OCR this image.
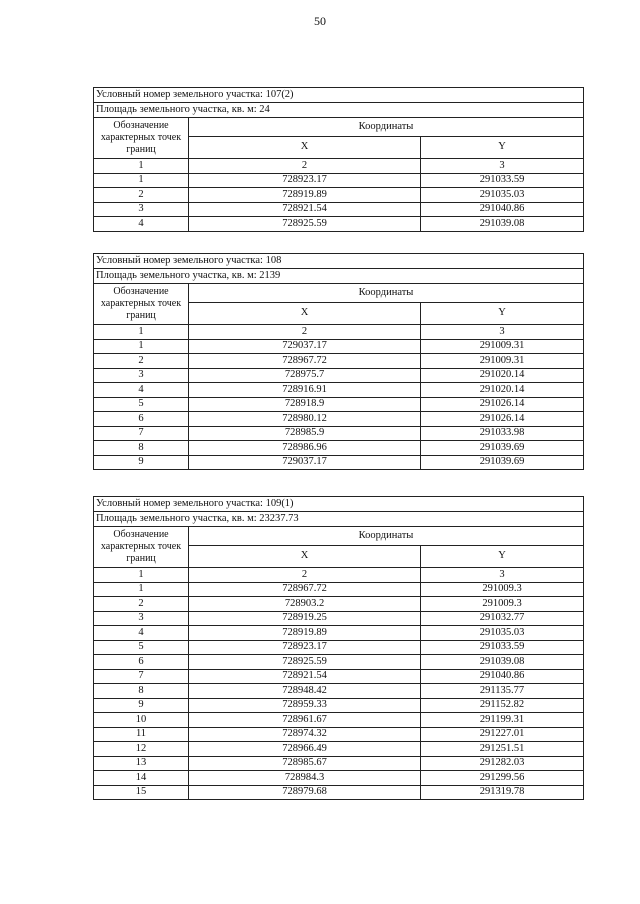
50
Условный номер земельного участка: 107(2)		
Площадь земельного участка, кв. м: 24		
Обозначение характерных точек границ	Координаты	
	X	Y
1	2	3
1	728923.17	291033.59
2	728919.89	291035.03
3	728921.54	291040.86
4	728925.59	291039.08
Условный номер земельного участка: 108		
Площадь земельного участка, кв. м: 2139		
Обозначение характерных точек границ	Координаты	
	X	Y
1	2	3
1	729037.17	291009.31
2	728967.72	291009.31
3	728975.7	291020.14
4	728916.91	291020.14
5	728918.9	291026.14
6	728980.12	291026.14
7	728985.9	291033.98
8	728986.96	291039.69
9	729037.17	291039.69
Условный номер земельного участка: 109(1)		
Площадь земельного участка, кв. м: 23237.73		
Обозначение характерных точек границ	Координаты	
	X	Y
1	2	3
1	728967.72	291009.3
2	728903.2	291009.3
3	728919.25	291032.77
4	728919.89	291035.03
5	728923.17	291033.59
6	728925.59	291039.08
7	728921.54	291040.86
8	728948.42	291135.77
9	728959.33	291152.82
10	728961.67	291199.31
11	728974.32	291227.01
12	728966.49	291251.51
13	728985.67	291282.03
14	728984.3	291299.56
15	728979.68	291319.78
